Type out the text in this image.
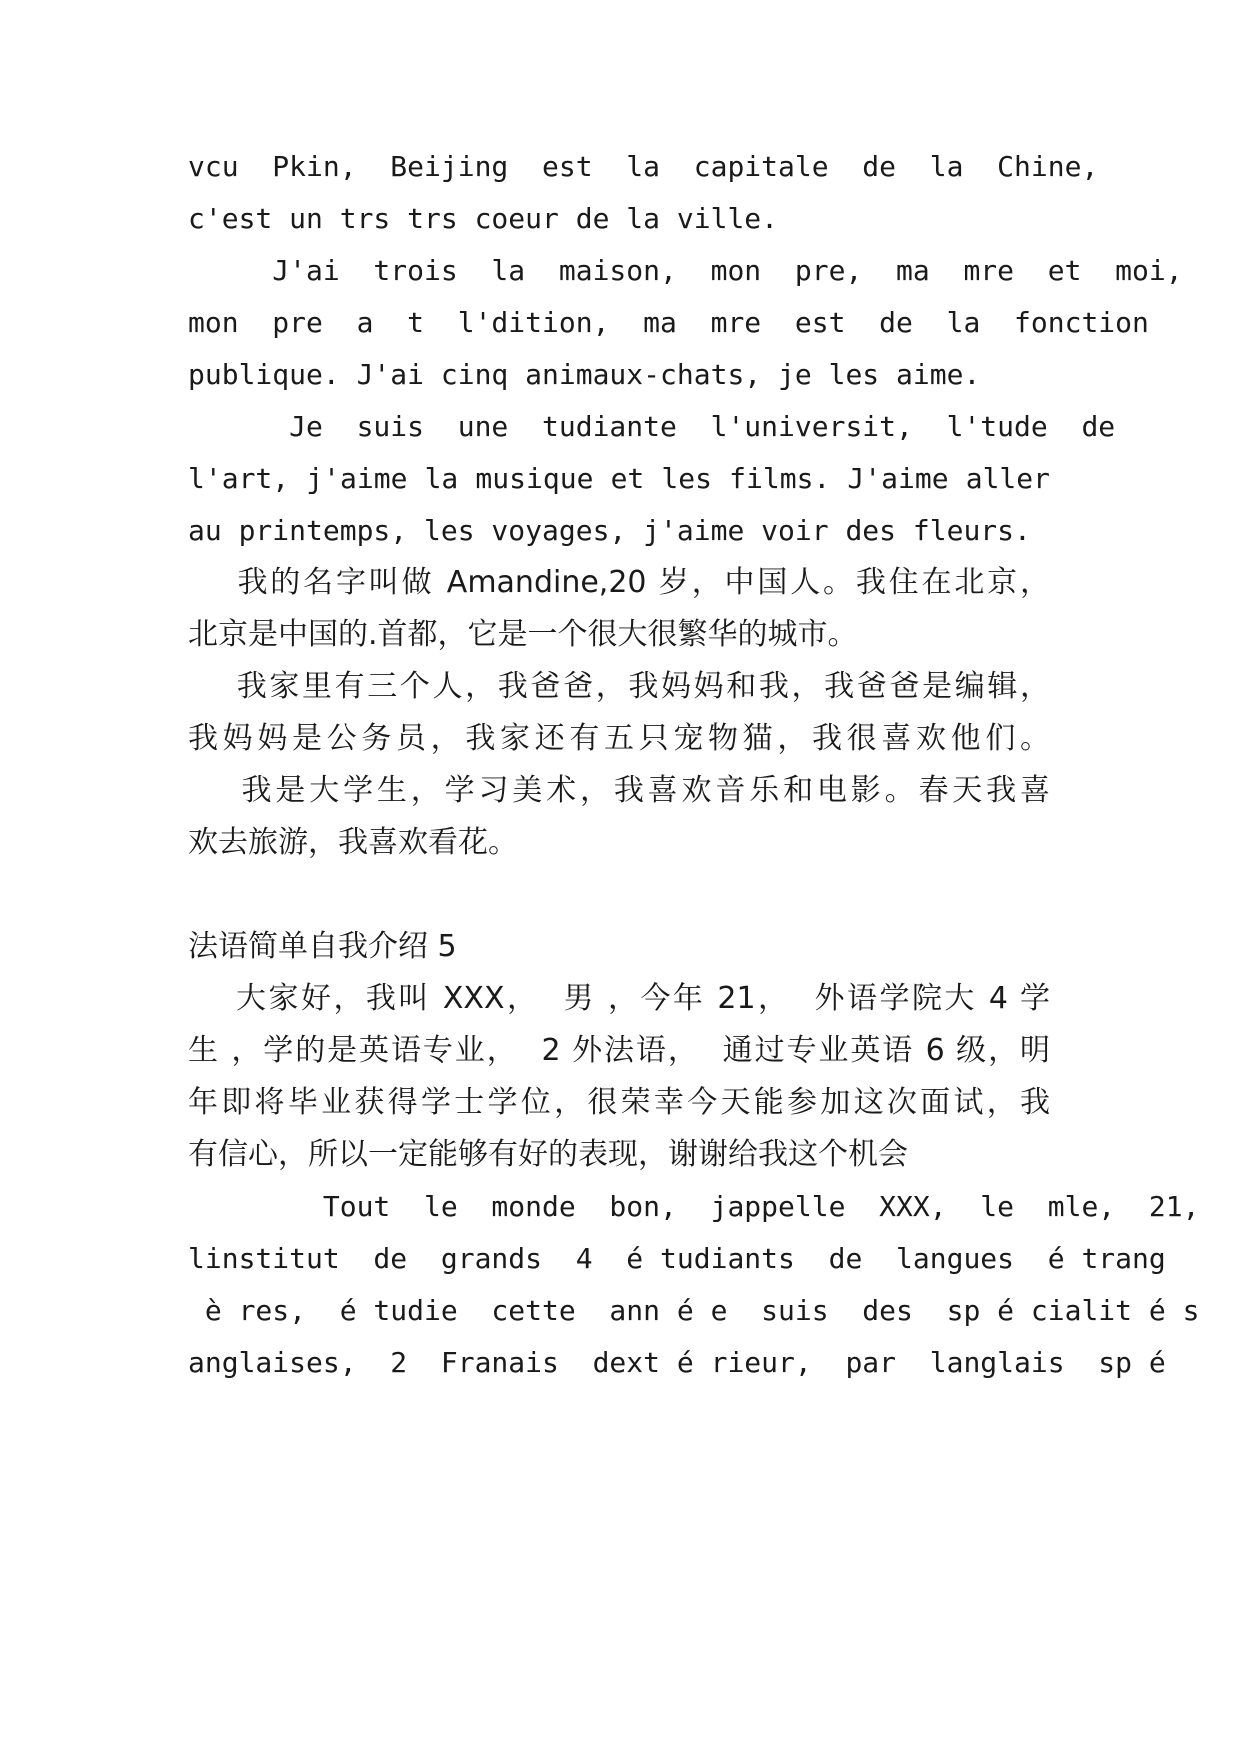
vcu  Pkin,  Beijing  est  la  capitale  de  la  Chine,
c'est un trs trs coeur de la ville.
J'ai  trois  la  maison,  mon  pre,  ma  mre  et  moi,
mon  pre  a  t  l'dition,  ma  mre  est  de  la  fonction
publique. J'ai cinq animaux-chats, je les aime.
Je  suis  une  tudiante  l'universit,  l'tude  de
l'art, j'aime la musique et les films. J'aime aller
au printemps, les voyages, j'aime voir des fleurs.
我的名字叫做 Amandine,20 岁，中国人。我住在北京，
北京是中国的.首都，它是一个很大很繁华的城市。
我家里有三个人，我爸爸，我妈妈和我，我爸爸是编辑，
我妈妈是公务员，我家还有五只宠物猫，我很喜欢他们。
我是大学生，学习美术，我喜欢音乐和电影。春天我喜
欢去旅游，我喜欢看花。
法语简单自我介绍 5
大家好，我叫 XXX，  男 ，今年 21，  外语学院大 4 学
生 ，学的是英语专业，  2 外法语，  通过专业英语 6 级，明
年即将毕业获得学士学位，很荣幸今天能参加这次面试，我
有信心，所以一定能够有好的表现，谢谢给我这个机会
Tout  le  monde  bon,  jappelle  XXX,  le  mle,  21,
linstitut  de  grands  4  é tudiants  de  langues  é trang
è res,  é tudie  cette  ann é e  suis  des  sp é cialit é s
anglaises,  2  Franais  dext é rieur,  par  langlais  sp é
